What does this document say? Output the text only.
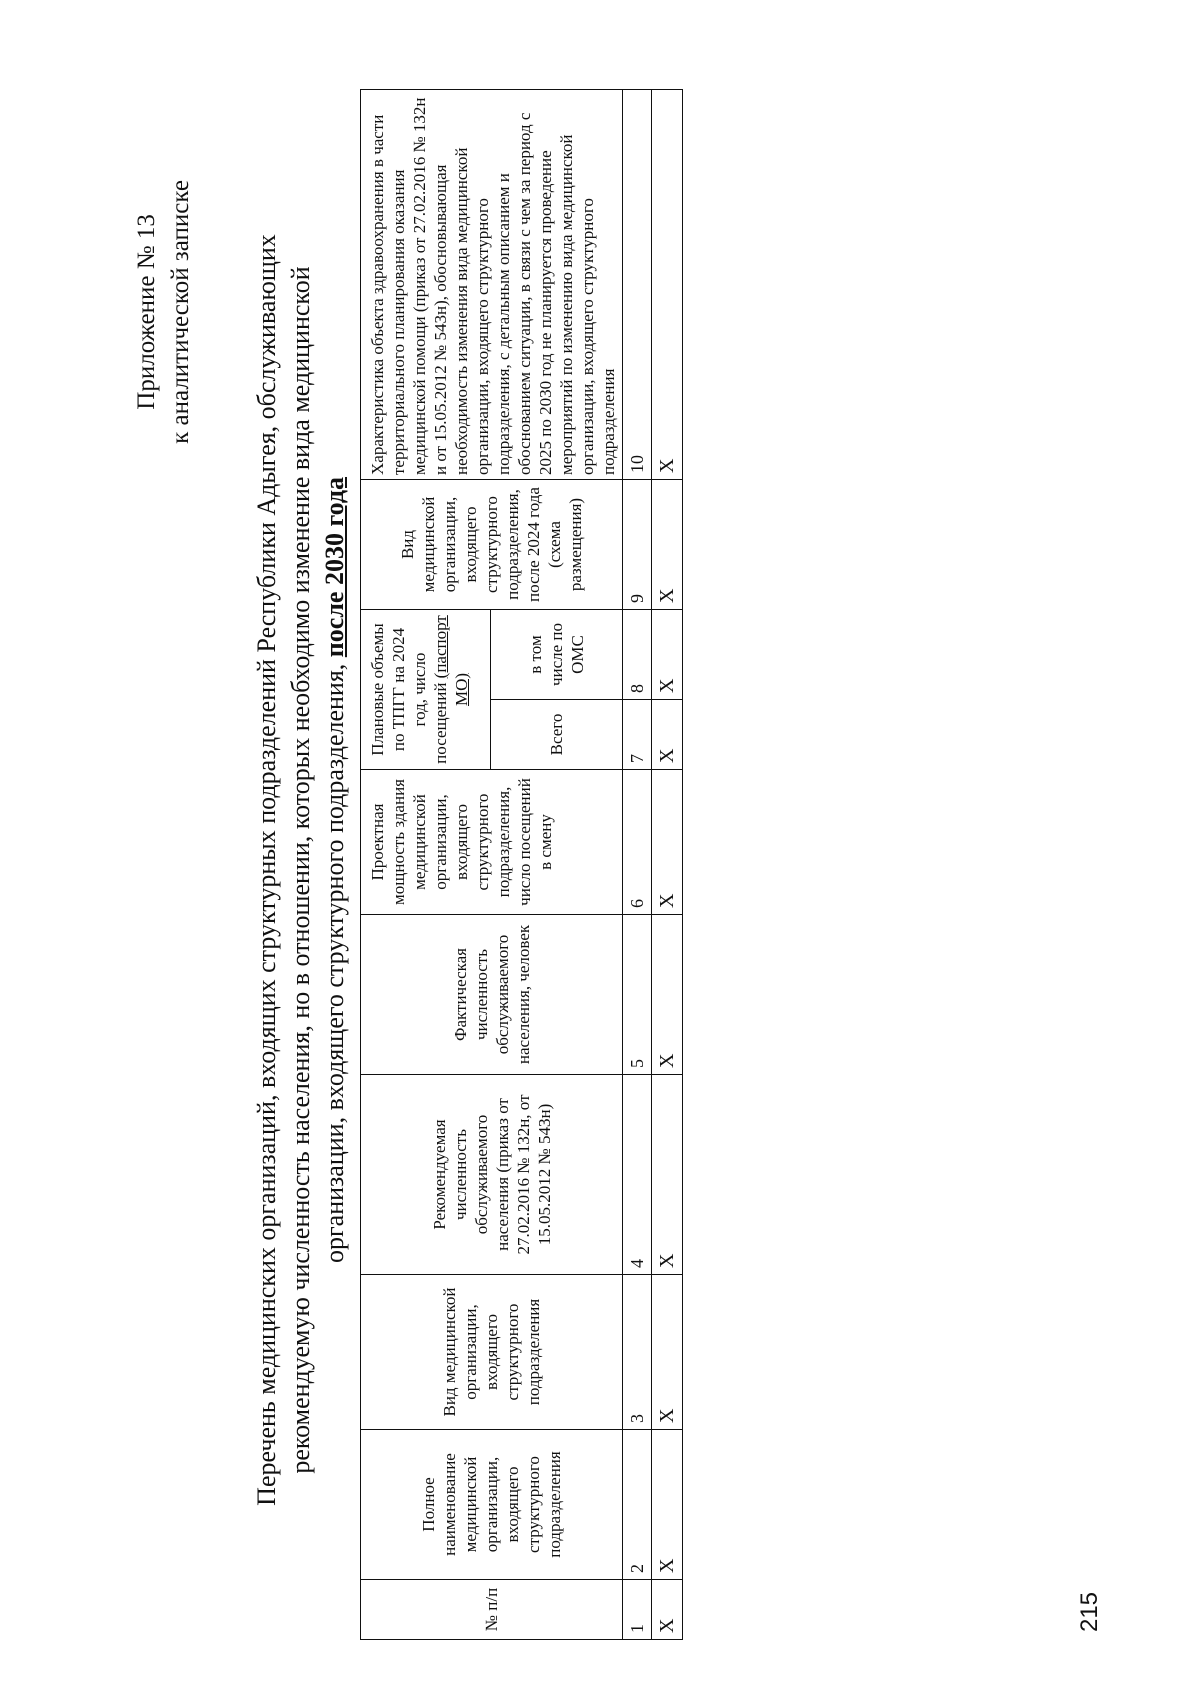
Приложение № 13 к аналитической записке Перечень медицинских организаций, входящих структурных подразделений Республики Адыгея, обслуживающих рекомендуемую численность населения, но в отношении, которых необходимо изменение вида медицинской организации, входящего структурного подразделения, после 2030 года
№ п/п	Полное наименование медицинской организации, входящего структурного подразделения	Вид медицинской организации, входящего структурного подразделения	Рекомендуемая численность обслуживаемого населения (приказ от 27.02.2016 № 132н, от 15.05.2012 № 543н)	Фактическая численность обслуживаемого населения, человек	Проектная мощность здания медицинской организации, входящего структурного подразделения, число посещений в смену	Плановые объемы по ТПГГ на 2024 год, число посещений (паспорт МО)		Вид медицинской организации, входящего структурного подразделения, после 2024 года (схема размещения)	Характеристика объекта здравоохранения в части территориального планирования оказания медицинской помощи (приказ от 27.02.2016 № 132н и от 15.05.2012 № 543н), обосновывающая необходимость изменения вида медицинской организации, входящего структурного подразделения, с детальным описанием и обоснованием ситуации, в связи с чем за период с 2025 по 2030 год не планируется проведение мероприятий по изменению вида медицинской организации, входящего структурного подразделения
						Всего	в том числе по ОМС		
1	2	3	4	5	6	7	8	9	10
X	X	X	X	X	X	X	X	X	X
215
